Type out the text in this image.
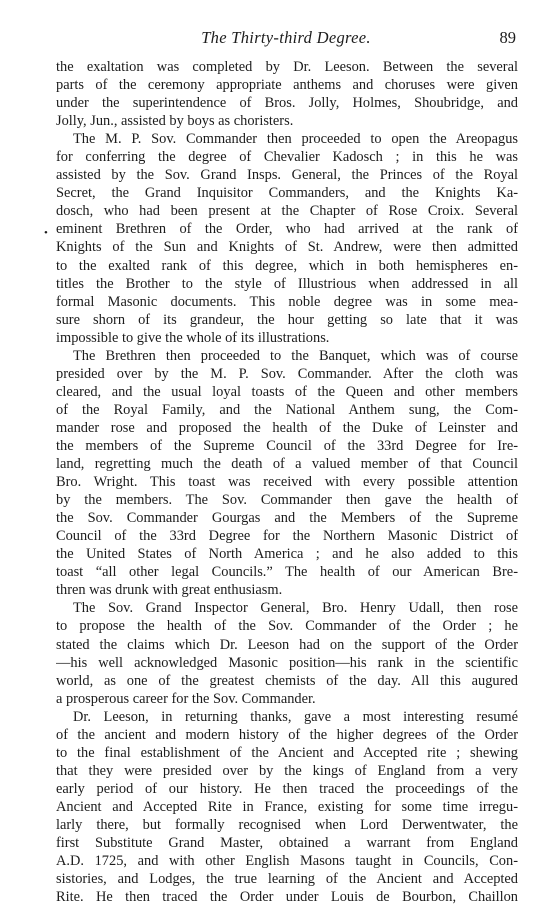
The Thirty-third Degree.	89
•
the exaltation was completed by Dr. Leeson. Between the several
parts of the ceremony appropriate anthems and choruses were given
under the superintendence of Bros. Jolly, Holmes, Shoubridge, and
Jolly, Jun., assisted by boys as choristers.
The M. P. Sov. Commander then proceeded to open the Areopagus
for conferring the degree of Chevalier Kadosch ; in this he was
assisted by the Sov. Grand Insps. General, the Princes of the Royal
Secret, the Grand Inquisitor Commanders, and the Knights Ka-
dosch, who had been present at the Chapter of Rose Croix. Several
eminent Brethren of the Order, who had arrived at the rank of
Knights of the Sun and Knights of St. Andrew, were then admitted
to the exalted rank of this degree, which in both hemispheres en-
titles the Brother to the style of Illustrious when addressed in all
formal Masonic documents. This noble degree was in some mea-
sure shorn of its grandeur, the hour getting so late that it was
impossible to give the whole of its illustrations.
The Brethren then proceeded to the Banquet, which was of course
presided over by the M. P. Sov. Commander. After the cloth was
cleared, and the usual loyal toasts of the Queen and other members
of the Royal Family, and the National Anthem sung, the Com-
mander rose and proposed the health of the Duke of Leinster and
the members of the Supreme Council of the 33rd Degree for Ire-
land, regretting much the death of a valued member of that Council
Bro. Wright. This toast was received with every possible attention
by the members. The Sov. Commander then gave the health of
the Sov. Commander Gourgas and the Members of the Supreme
Council of the 33rd Degree for the Northern Masonic District of
the United States of North America ; and he also added to this
toast “all other legal Councils.” The health of our American Bre-
thren was drunk with great enthusiasm.
The Sov. Grand Inspector General, Bro. Henry Udall, then rose
to propose the health of the Sov. Commander of the Order ; he
stated the claims which Dr. Leeson had on the support of the Order
—his well acknowledged Masonic position—his rank in the scientific
world, as one of the greatest chemists of the day. All this augured
a prosperous career for the Sov. Commander.
Dr. Leeson, in returning thanks, gave a most interesting resumé
of the ancient and modern history of the higher degrees of the Order
to the final establishment of the Ancient and Accepted rite ; shewing
that they were presided over by the kings of England from a very
early period of our history. He then traced the proceedings of the
Ancient and Accepted Rite in France, existing for some time irregu-
larly there, but formally recognised when Lord Derwentwater, the
first Substitute Grand Master, obtained a warrant from England
A.D. 1725, and with other English Masons taught in Councils, Con-
sistories, and Lodges, the true learning of the Ancient and Accepted
Rite. He then traced the Order under Louis de Bourbon, Chaillon
